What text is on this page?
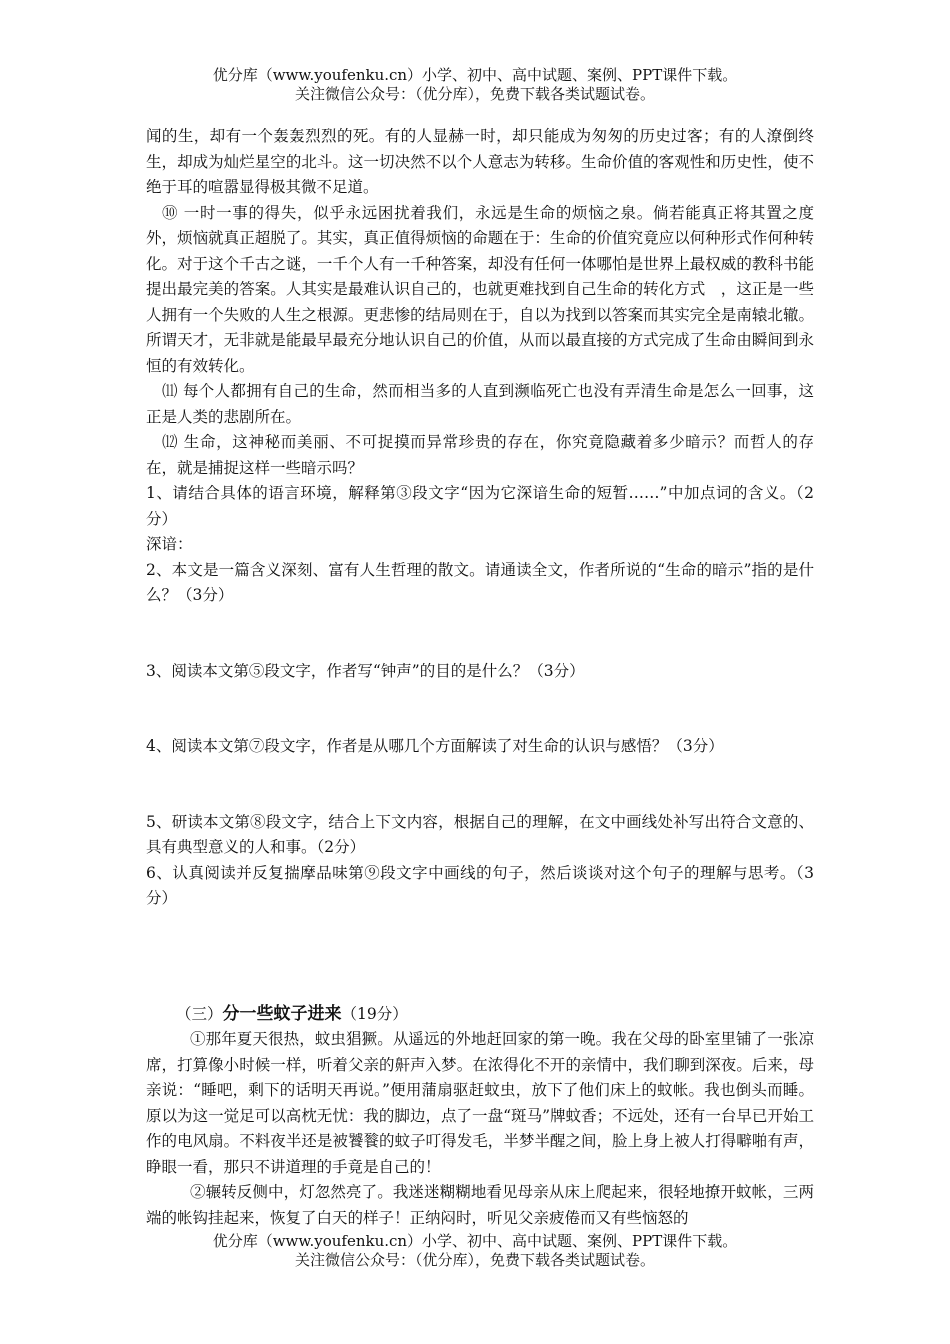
优分库（www.youfenku.cn）小学、初中、高中试题、案例、PPT课件下载。
关注微信公众号：（优分库），免费下载各类试题试卷。

闻的生，却有一个轰轰烈烈的死。有的人显赫一时，却只能成为匆匆的历史过客；有的人潦倒终生，却成为灿烂星空的北斗。这一切决然不以个人意志为转移。生命价值的客观性和历史性，使不绝于耳的喧嚣显得极其微不足道。

⑩ 一时一事的得失，似乎永远困扰着我们，永远是生命的烦恼之泉。倘若能真正将其置之度外，烦恼就真正超脱了。其实，真正值得烦恼的命题在于：生命的价值究竟应以何种形式作何种转化。对于这个千古之谜，一千个人有一千种答案，却没有任何一体哪怕是世界上最权威的教科书能提出最完美的答案。人其实是最难认识自己的，也就更难找到自己生命的转化方式　，这正是一些人拥有一个失败的人生之根源。更悲惨的结局则在于，自以为找到以答案而其实完全是南辕北辙。所谓天才，无非就是能最早最充分地认识自己的价值，从而以最直接的方式完成了生命由瞬间到永恒的有效转化。

⑾ 每个人都拥有自己的生命，然而相当多的人直到濒临死亡也没有弄清生命是怎么一回事，这正是人类的悲剧所在。

⑿ 生命，这神秘而美丽、不可捉摸而异常珍贵的存在，你究竟隐藏着多少暗示？而哲人的存在，就是捕捉这样一些暗示吗？

1、请结合具体的语言环境，解释第③段文字“因为它深谙生命的短暂……”中加点词的含义。（2分）

深谙：

2、本文是一篇含义深刻、富有人生哲理的散文。请通读全文，作者所说的“生命的暗示”指的是什么？（3分）

3、阅读本文第⑤段文字，作者写“钟声”的目的是什么？（3分）

4、阅读本文第⑦段文字，作者是从哪几个方面解读了对生命的认识与感悟？（3分）

5、研读本文第⑧段文字，结合上下文内容，根据自己的理解，在文中画线处补写出符合文意的、具有典型意义的人和事。（2分）

6、认真阅读并反复揣摩品味第⑨段文字中画线的句子，然后谈谈对这个句子的理解与思考。（3分）

（三）分一些蚊子进来（19分）

①那年夏天很热，蚊虫猖獗。从遥远的外地赶回家的第一晚。我在父母的卧室里铺了一张凉席，打算像小时候一样，听着父亲的鼾声入梦。在浓得化不开的亲情中，我们聊到深夜。后来，母亲说：“睡吧，剩下的话明天再说。”便用蒲扇驱赶蚊虫，放下了他们床上的蚊帐。我也倒头而睡。原以为这一觉足可以高枕无忧：我的脚边，点了一盘“斑马”牌蚊香；不远处，还有一台早已开始工作的电风扇。不料夜半还是被饕餮的蚊子叮得发毛，半梦半醒之间，脸上身上被人打得噼啪有声，睁眼一看，那只不讲道理的手竟是自己的！

②辗转反侧中，灯忽然亮了。我迷迷糊糊地看见母亲从床上爬起来，很轻地撩开蚊帐，三两端的帐钩挂起来，恢复了白天的样子！正纳闷时，听见父亲疲倦而又有些恼怒的

优分库（www.youfenku.cn）小学、初中、高中试题、案例、PPT课件下载。
关注微信公众号：（优分库），免费下载各类试题试卷。
